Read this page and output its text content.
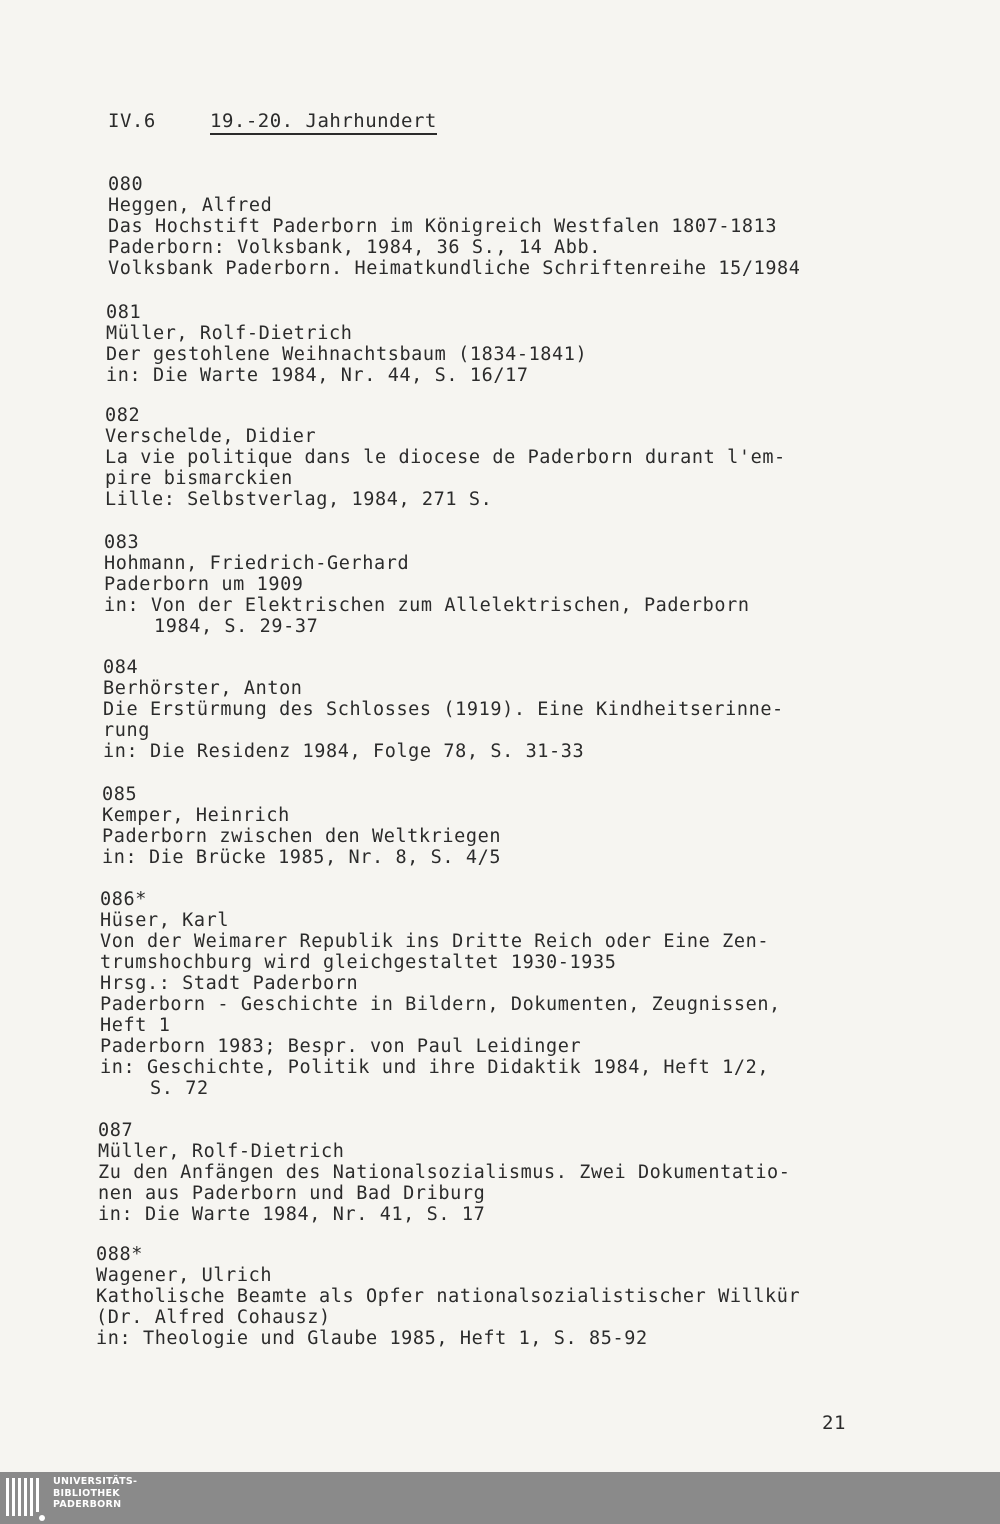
IV.6	19.-20. Jahrhundert
080
Heggen, Alfred
Das Hochstift Paderborn im Königreich Westfalen 1807-1813
Paderborn: Volksbank, 1984, 36 S., 14 Abb.
Volksbank Paderborn. Heimatkundliche Schriftenreihe 15/1984
081
Müller, Rolf-Dietrich
Der gestohlene Weihnachtsbaum (1834-1841)
in: Die Warte 1984, Nr. 44, S. 16/17
082
Verschelde, Didier
La vie politique dans le diocese de Paderborn durant l'em-
pire bismarckien
Lille: Selbstverlag, 1984, 271 S.
083
Hohmann, Friedrich-Gerhard
Paderborn um 1909
in: Von der Elektrischen zum Allelektrischen, Paderborn
1984, S. 29-37
084
Berhörster, Anton
Die Erstürmung des Schlosses (1919). Eine Kindheitserinne-
rung
in: Die Residenz 1984, Folge 78, S. 31-33
085
Kemper, Heinrich
Paderborn zwischen den Weltkriegen
in: Die Brücke 1985, Nr. 8, S. 4/5
086*
Hüser, Karl
Von der Weimarer Republik ins Dritte Reich oder Eine Zen-
trumshochburg wird gleichgestaltet 1930-1935
Hrsg.: Stadt Paderborn
Paderborn - Geschichte in Bildern, Dokumenten, Zeugnissen,
Heft 1
Paderborn 1983; Bespr. von Paul Leidinger
in: Geschichte, Politik und ihre Didaktik 1984, Heft 1/2,
S. 72
087
Müller, Rolf-Dietrich
Zu den Anfängen des Nationalsozialismus. Zwei Dokumentatio-
nen aus Paderborn und Bad Driburg
in: Die Warte 1984, Nr. 41, S. 17
088*
Wagener, Ulrich
Katholische Beamte als Opfer nationalsozialistischer Willkür
(Dr. Alfred Cohausz)
in: Theologie und Glaube 1985, Heft 1, S. 85-92
21
UNIVERSITÄTS-
BIBLIOTHEK
PADERBORN
